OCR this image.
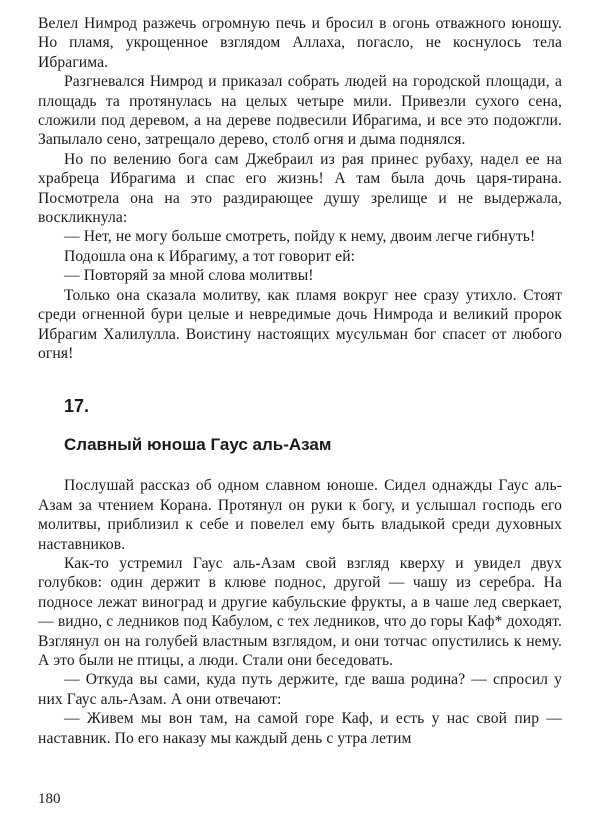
Велел Нимрод разжечь огромную печь и бросил в огонь отважного юношу. Но пламя, укрощенное взглядом Аллаха, погасло, не коснулось тела Ибрагима.

Разгневался Нимрод и приказал собрать людей на городской площади, а площадь та протянулась на целых четыре мили. Привезли сухого сена, сложили под деревом, а на дереве подвесили Ибрагима, и все это подожгли. Запылало сено, затрещало дерево, столб огня и дыма поднялся.

Но по велению бога сам Джебраил из рая принес рубаху, надел ее на храбреца Ибрагима и спас его жизнь! А там была дочь царя-тирана. Посмотрела она на это раздирающее душу зрелище и не выдержала, воскликнула:

— Нет, не могу больше смотреть, пойду к нему, двоим легче гибнуть!

Подошла она к Ибрагиму, а тот говорит ей:

— Повторяй за мной слова молитвы!

Только она сказала молитву, как пламя вокруг нее сразу утихло. Стоят среди огненной бури целые и невредимые дочь Нимрода и великий пророк Ибрагим Халилулла. Воистину настоящих мусульман бог спасет от любого огня!

17.
Славный юноша Гаус аль-Азам

Послушай рассказ об одном славном юноше. Сидел однажды Гаус аль-Азам за чтением Корана. Протянул он руки к богу, и услышал господь его молитвы, приблизил к себе и повелел ему быть владыкой среди духовных наставников.

Как-то устремил Гаус аль-Азам свой взгляд кверху и увидел двух голубков: один держит в клюве поднос, другой — чашу из серебра. На подносе лежат виноград и другие кабульские фрукты, а в чаше лед сверкает,— видно, с ледников под Кабулом, с тех ледников, что до горы Каф* доходят. Взглянул он на голубей властным взглядом, и они тотчас опустились к нему. А это были не птицы, а люди. Стали они беседовать.

— Откуда вы сами, куда путь держите, где ваша родина? — спросил у них Гаус аль-Азам. А они отвечают:

— Живем мы вон там, на самой горе Каф, и есть у нас свой пир — наставник. По его наказу мы каждый день с утра летим

180
